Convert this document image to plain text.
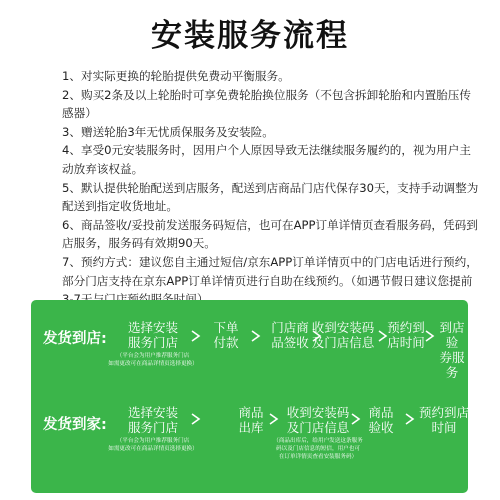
安装服务流程
1、对实际更换的轮胎提供免费动平衡服务。
2、购买2条及以上轮胎时可享免费轮胎换位服务（不包含拆卸轮胎和内置胎压传感器）
3、赠送轮胎3年无忧质保服务及安装险。
4、享受0元安装服务时，因用户个人原因导致无法继续服务履约的，视为用户主动放弃该权益。
5、默认提供轮胎配送到店服务，配送到店商品门店代保存30天，支持手动调整为配送到指定收货地址。
6、商品签收/妥投前发送服务码短信，也可在APP订单详情页查看服务码，凭码到店服务，服务码有效期90天。
7、预约方式：建议您自主通过短信/京东APP订单详情页中的门店电话进行预约，部分门店支持在京东APP订单详情页进行自助在线预约。（如遇节假日建议您提前
发货到店:
选择安装
服务门店
下单
付款
门店商
品签收
收到安装码
及门店信息
（平台会为用户推荐服务门店
如需更改可在商品详情页选择更换）
发货到家:
选择安装
服务门店
商品
出库
收到安装码
及门店信息
商品
验收
预约到店
时间
（平台会为用户推荐服务门店
如需更改可在商品详情页选择更换）
（商品出库后，给用户发送这条服务
码以及门店信息的短信，用户也可
在订单详情页查看安装服务码）
预约到
店时间
到店验
券服务
